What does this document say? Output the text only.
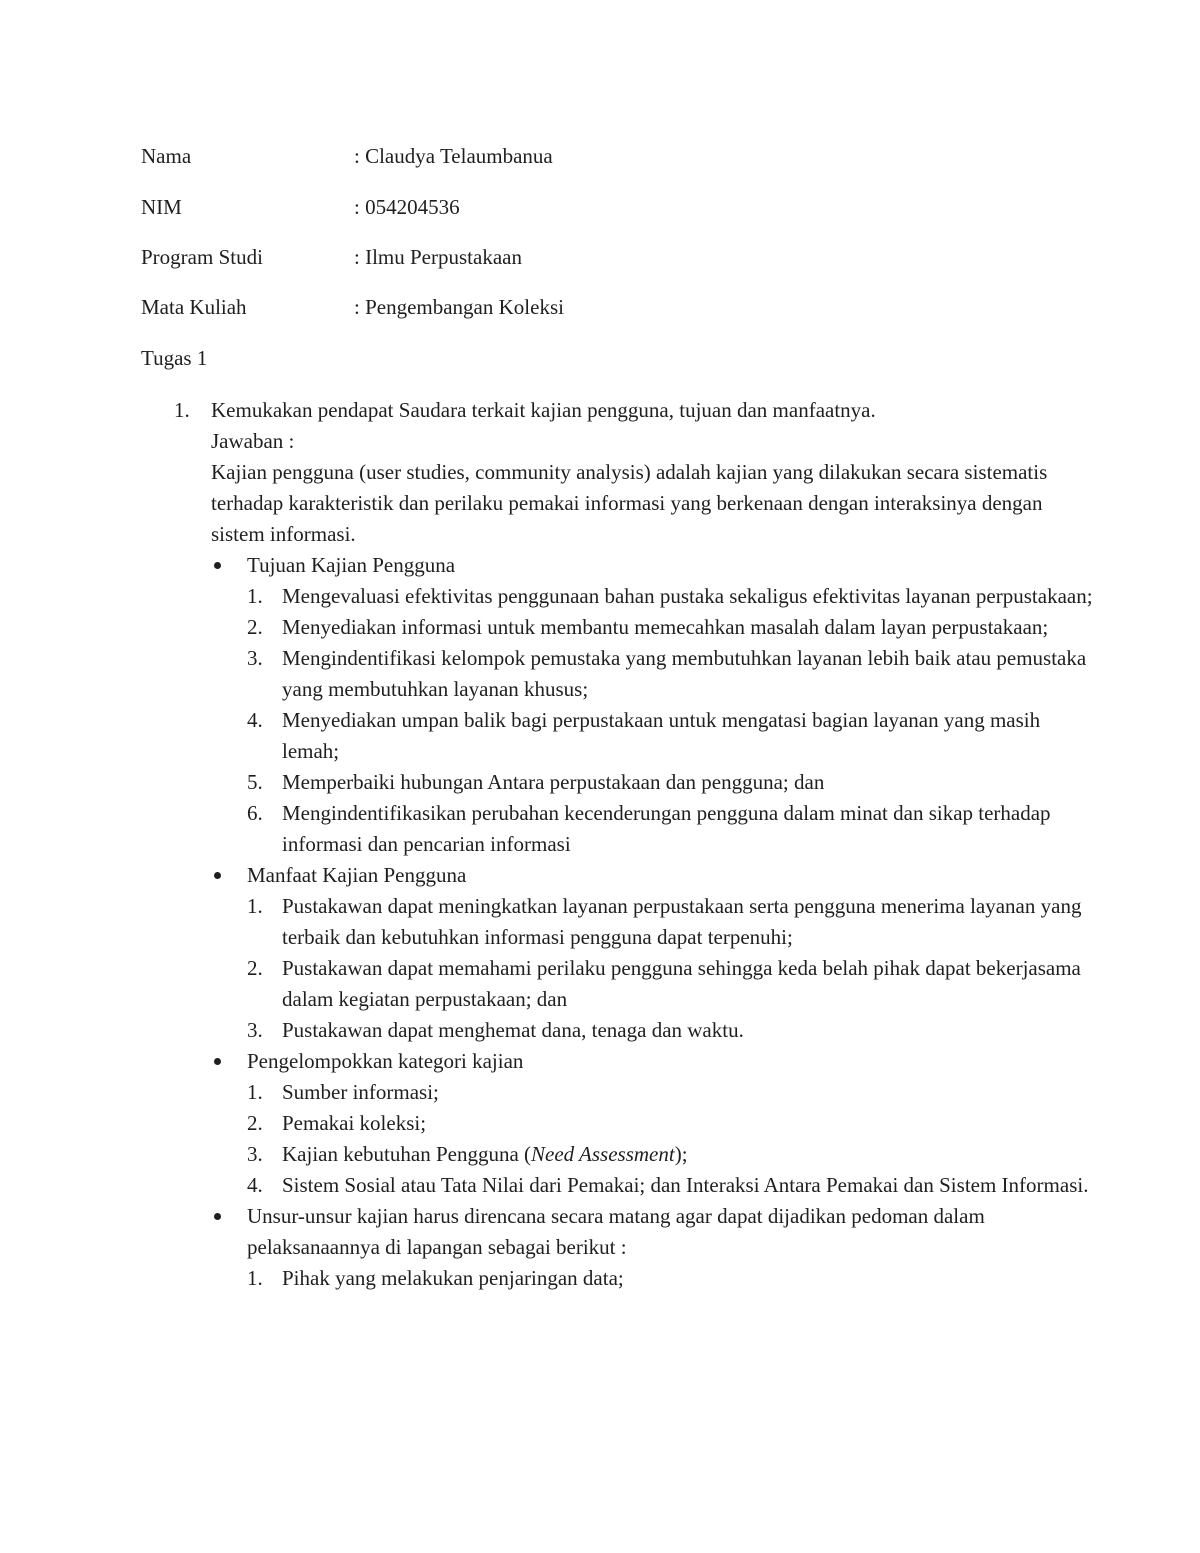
Nama	: Claudya Telaumbanua
NIM	: 054204536
Program Studi	: Ilmu Perpustakaan
Mata Kuliah	: Pengembangan Koleksi
Tugas 1
1. Kemukakan pendapat Saudara terkait kajian pengguna, tujuan dan manfaatnya.
Jawaban :
Kajian pengguna (user studies, community analysis) adalah kajian yang dilakukan secara sistematis terhadap karakteristik dan perilaku pemakai informasi yang berkenaan dengan interaksinya dengan sistem informasi.
Tujuan Kajian Pengguna
1. Mengevaluasi efektivitas penggunaan bahan pustaka sekaligus efektivitas layanan perpustakaan;
2. Menyediakan informasi untuk membantu memecahkan masalah dalam layan perpustakaan;
3. Mengindentifikasi kelompok pemustaka yang membutuhkan layanan lebih baik atau pemustaka yang membutuhkan layanan khusus;
4. Menyediakan umpan balik bagi perpustakaan untuk mengatasi bagian layanan yang masih lemah;
5. Memperbaiki hubungan Antara perpustakaan dan pengguna; dan
6. Mengindentifikasikan perubahan kecenderungan pengguna dalam minat dan sikap terhadap informasi dan pencarian informasi
Manfaat Kajian Pengguna
1. Pustakawan dapat meningkatkan layanan perpustakaan serta pengguna menerima layanan yang terbaik dan kebutuhkan informasi pengguna dapat terpenuhi;
2. Pustakawan dapat memahami perilaku pengguna sehingga keda belah pihak dapat bekerjasama dalam kegiatan perpustakaan; dan
3. Pustakawan dapat menghemat dana, tenaga dan waktu.
Pengelompokkan kategori kajian
1. Sumber informasi;
2. Pemakai koleksi;
3. Kajian kebutuhan Pengguna (Need Assessment);
4. Sistem Sosial atau Tata Nilai dari Pemakai; dan Interaksi Antara Pemakai dan Sistem Informasi.
Unsur-unsur kajian harus direncana secara matang agar dapat dijadikan pedoman dalam pelaksanaannya di lapangan sebagai berikut :
1. Pihak yang melakukan penjaringan data;
